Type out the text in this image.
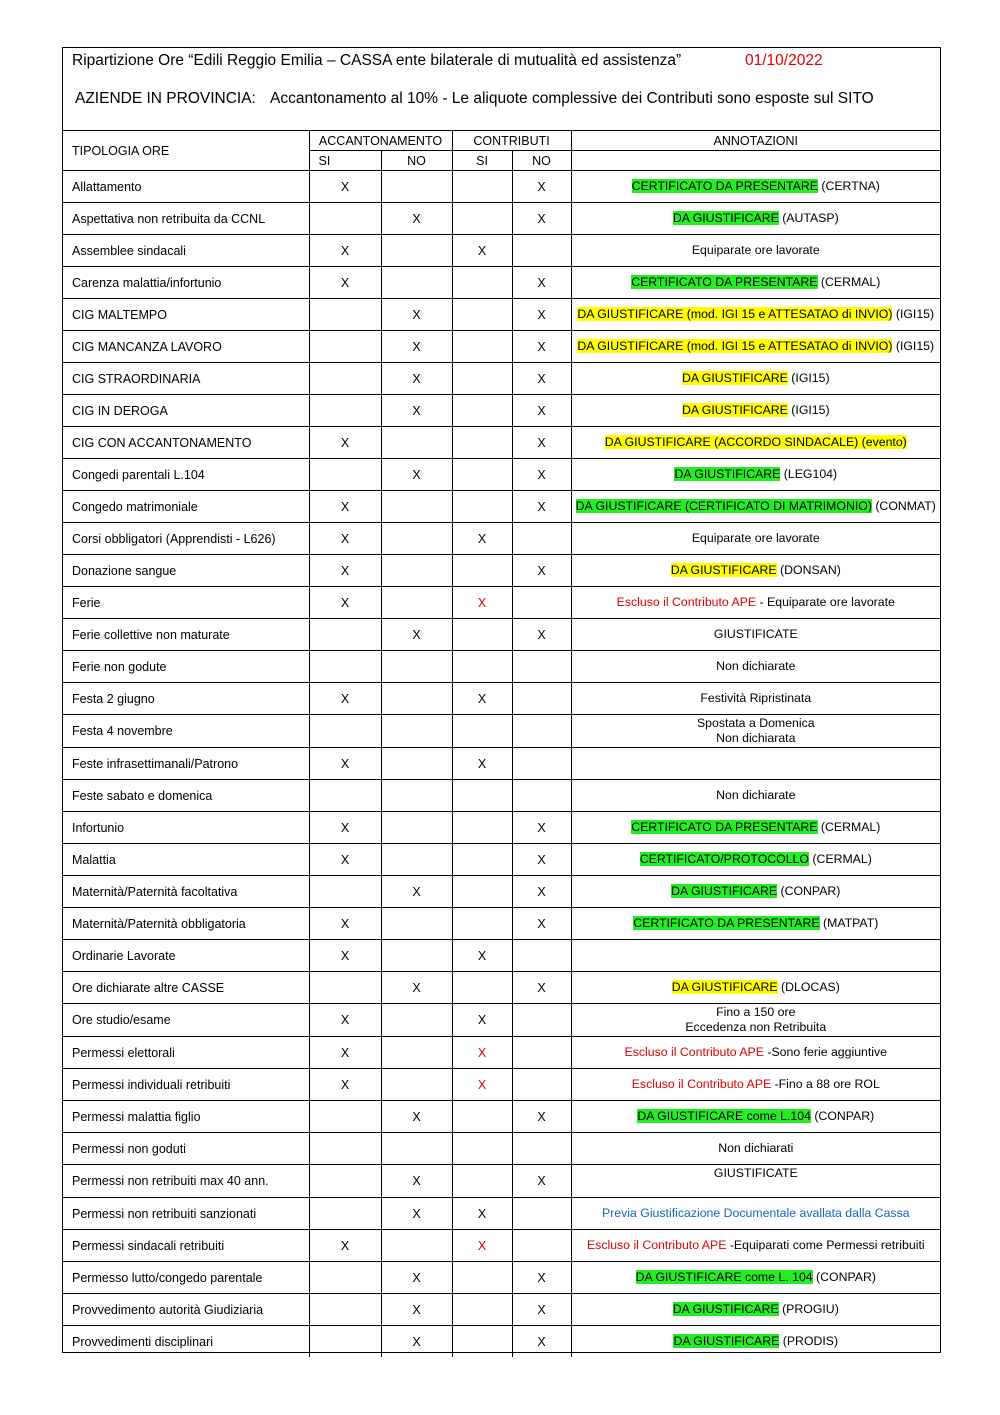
Ripartizione Ore “Edili Reggio Emilia – CASSA ente bilaterale di mutualità ed assistenza”	01/10/2022
AZIENDE IN PROVINCIA: Accantonamento al 10% - Le aliquote complessive dei Contributi sono esposte sul SITO
TIPOLOGIA ORE	ACCANTONAMENTO		CONTRIBUTI		ANNOTAZIONI
	SI	NO	SI	NO	
Allattamento	X			X	CERTIFICATO DA PRESENTARE (CERTNA)
Aspettativa non retribuita da CCNL		X		X	DA GIUSTIFICARE (AUTASP)
Assemblee sindacali	X		X		Equiparate ore lavorate
Carenza malattia/infortunio	X			X	CERTIFICATO DA PRESENTARE (CERMAL)
CIG MALTEMPO		X		X	DA GIUSTIFICARE (mod. IGI 15 e ATTESATAO di INVIO) (IGI15)
CIG MANCANZA LAVORO		X		X	DA GIUSTIFICARE (mod. IGI 15 e ATTESATAO di INVIO) (IGI15)
CIG STRAORDINARIA		X		X	DA GIUSTIFICARE (IGI15)
CIG IN DEROGA		X		X	DA GIUSTIFICARE (IGI15)
CIG CON ACCANTONAMENTO	X			X	DA GIUSTIFICARE (ACCORDO SINDACALE) (evento)
Congedi parentali L.104		X		X	DA GIUSTIFICARE (LEG104)
Congedo matrimoniale	X			X	DA GIUSTIFICARE (CERTIFICATO DI MATRIMONIO) (CONMAT)
Corsi obbligatori (Apprendisti - L626)	X		X		Equiparate ore lavorate
Donazione sangue	X			X	DA GIUSTIFICARE (DONSAN)
Ferie	X		X		Escluso il Contributo APE - Equiparate ore lavorate
Ferie collettive non maturate		X		X	GIUSTIFICATE
Ferie non godute					Non dichiarate
Festa 2 giugno	X		X		Festività Ripristinata
Festa 4 novembre					Spostata a Domenica
Non dichiarata
Feste infrasettimanali/Patrono	X		X		
Feste sabato e domenica					Non dichiarate
Infortunio	X			X	CERTIFICATO DA PRESENTARE (CERMAL)
Malattia	X			X	CERTIFICATO/PROTOCOLLO (CERMAL)
Maternità/Paternità facoltativa		X		X	DA GIUSTIFICARE (CONPAR)
Maternità/Paternità obbligatoria	X			X	CERTIFICATO DA PRESENTARE (MATPAT)
Ordinarie Lavorate	X		X		
Ore dichiarate altre CASSE		X		X	DA GIUSTIFICARE (DLOCAS)
Ore studio/esame	X		X		Fino a 150 ore
Eccedenza non Retribuita
Permessi elettorali	X		X		Escluso il Contributo APE -Sono ferie aggiuntive
Permessi individuali retribuiti	X		X		Escluso il Contributo APE -Fino a 88 ore ROL
Permessi malattia figlio		X		X	DA GIUSTIFICARE come L.104 (CONPAR)
Permessi non goduti					Non dichiarati
Permessi non retribuiti max 40 ann.		X		X	GIUSTIFICATE
Permessi non retribuiti sanzionati		X	X		Previa Giustificazione Documentale avallata dalla Cassa
Permessi sindacali retribuiti	X		X		Escluso il Contributo APE -Equiparati come Permessi retribuiti
Permesso lutto/congedo parentale		X		X	DA GIUSTIFICARE come L. 104 (CONPAR)
Provvedimento autorità Giudiziaria		X		X	DA GIUSTIFICARE (PROGIU)
Provvedimenti disciplinari		X		X	DA GIUSTIFICARE (PRODIS)
